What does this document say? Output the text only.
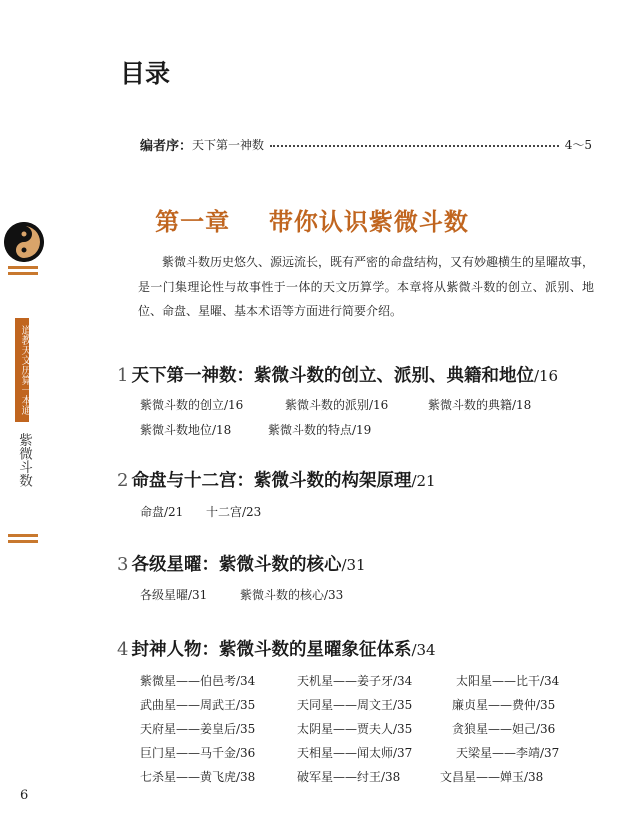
目录
编者序： 天下第一神数	4～5
第一章 带你认识紫微斗数
紫微斗数历史悠久、源远流长，既有严密的命盘结构，又有妙趣横生的星曜故事，是一门集理论性与故事性于一体的天文历算学。本章将从紫微斗数的创立、派别、地位、命盘、星曜、基本术语等方面进行简要介绍。
1 天下第一神数：紫微斗数的创立、派别、典籍和地位/16
紫微斗数的创立/16	紫微斗数的派别/16	紫微斗数的典籍/18
紫微斗数地位/18	紫微斗数的特点/19
2 命盘与十二宫：紫微斗数的构架原理/21
命盘/21 十二宫/23
3 各级星曜：紫微斗数的核心/31
各级星曜/31	紫微斗数的核心/33
4 封神人物：紫微斗数的星曜象征体系/34
紫微星——伯邑考/34	天机星——姜子牙/34	太阳星——比干/34
武曲星——周武王/35	天同星——周文王/35	廉贞星——费仲/35
天府星——姜皇后/35	太阴星——贾夫人/35	贪狼星——妲己/36
巨门星——马千金/36	天相星——闻太师/37	天梁星——李靖/37
七杀星——黄飞虎/38	破军星——纣王/38	文昌星——婵玉/38
道教天文历算一本通
紫微斗数
6
